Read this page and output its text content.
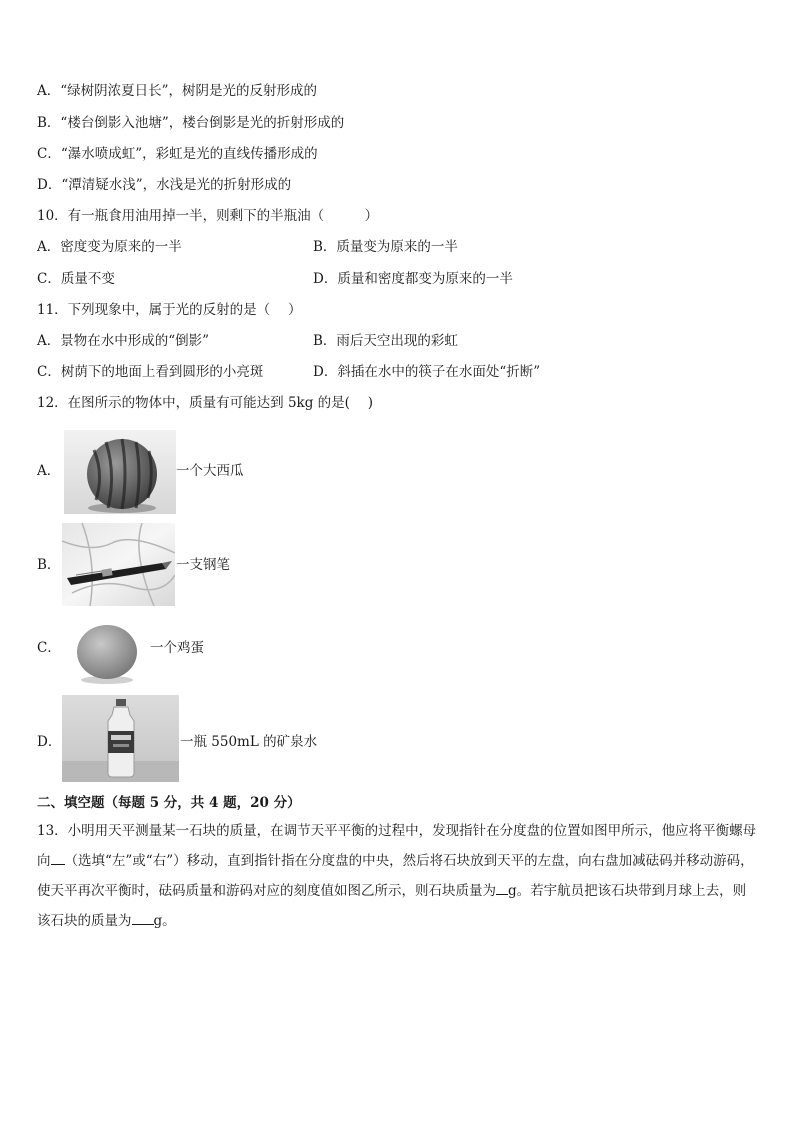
A．“绿树阴浓夏日长”，树阴是光的反射形成的
B．“楼台倒影入池塘”，楼台倒影是光的折射形成的
C．“瀑水喷成虹”，彩虹是光的直线传播形成的
D．“潭清疑水浅”，水浅是光的折射形成的
10．有一瓶食用油用掉一半，则剩下的半瓶油（　　　）
A．密度变为原来的一半	B．质量变为原来的一半
C．质量不变	D．质量和密度都变为原来的一半
11．下列现象中，属于光的反射的是（　 ）
A．景物在水中形成的“倒影”	B．雨后天空出现的彩虹
C．树荫下的地面上看到圆形的小亮斑	D．斜插在水中的筷子在水面处“折断”
12．在图所示的物体中，质量有可能达到 5kg 的是(　 )
A．	一个大西瓜
B．	一支钢笔
C．	一个鸡蛋
D．	一瓶 550mL 的矿泉水
二、填空题（每题 5 分，共 4 题，20 分）
13．小明用天平测量某一石块的质量，在调节天平平衡的过程中，发现指针在分度盘的位置如图甲所示，他应将平衡螺母向 （选填“左”或“右”）移动，直到指针指在分度盘的中央，然后将石块放到天平的左盘，向右盘加减砝码并移动游码，使天平再次平衡时，砝码质量和游码对应的刻度值如图乙所示，则石块质量为 g。若宇航员把该石块带到月球上去，则该石块的质量为 g。
